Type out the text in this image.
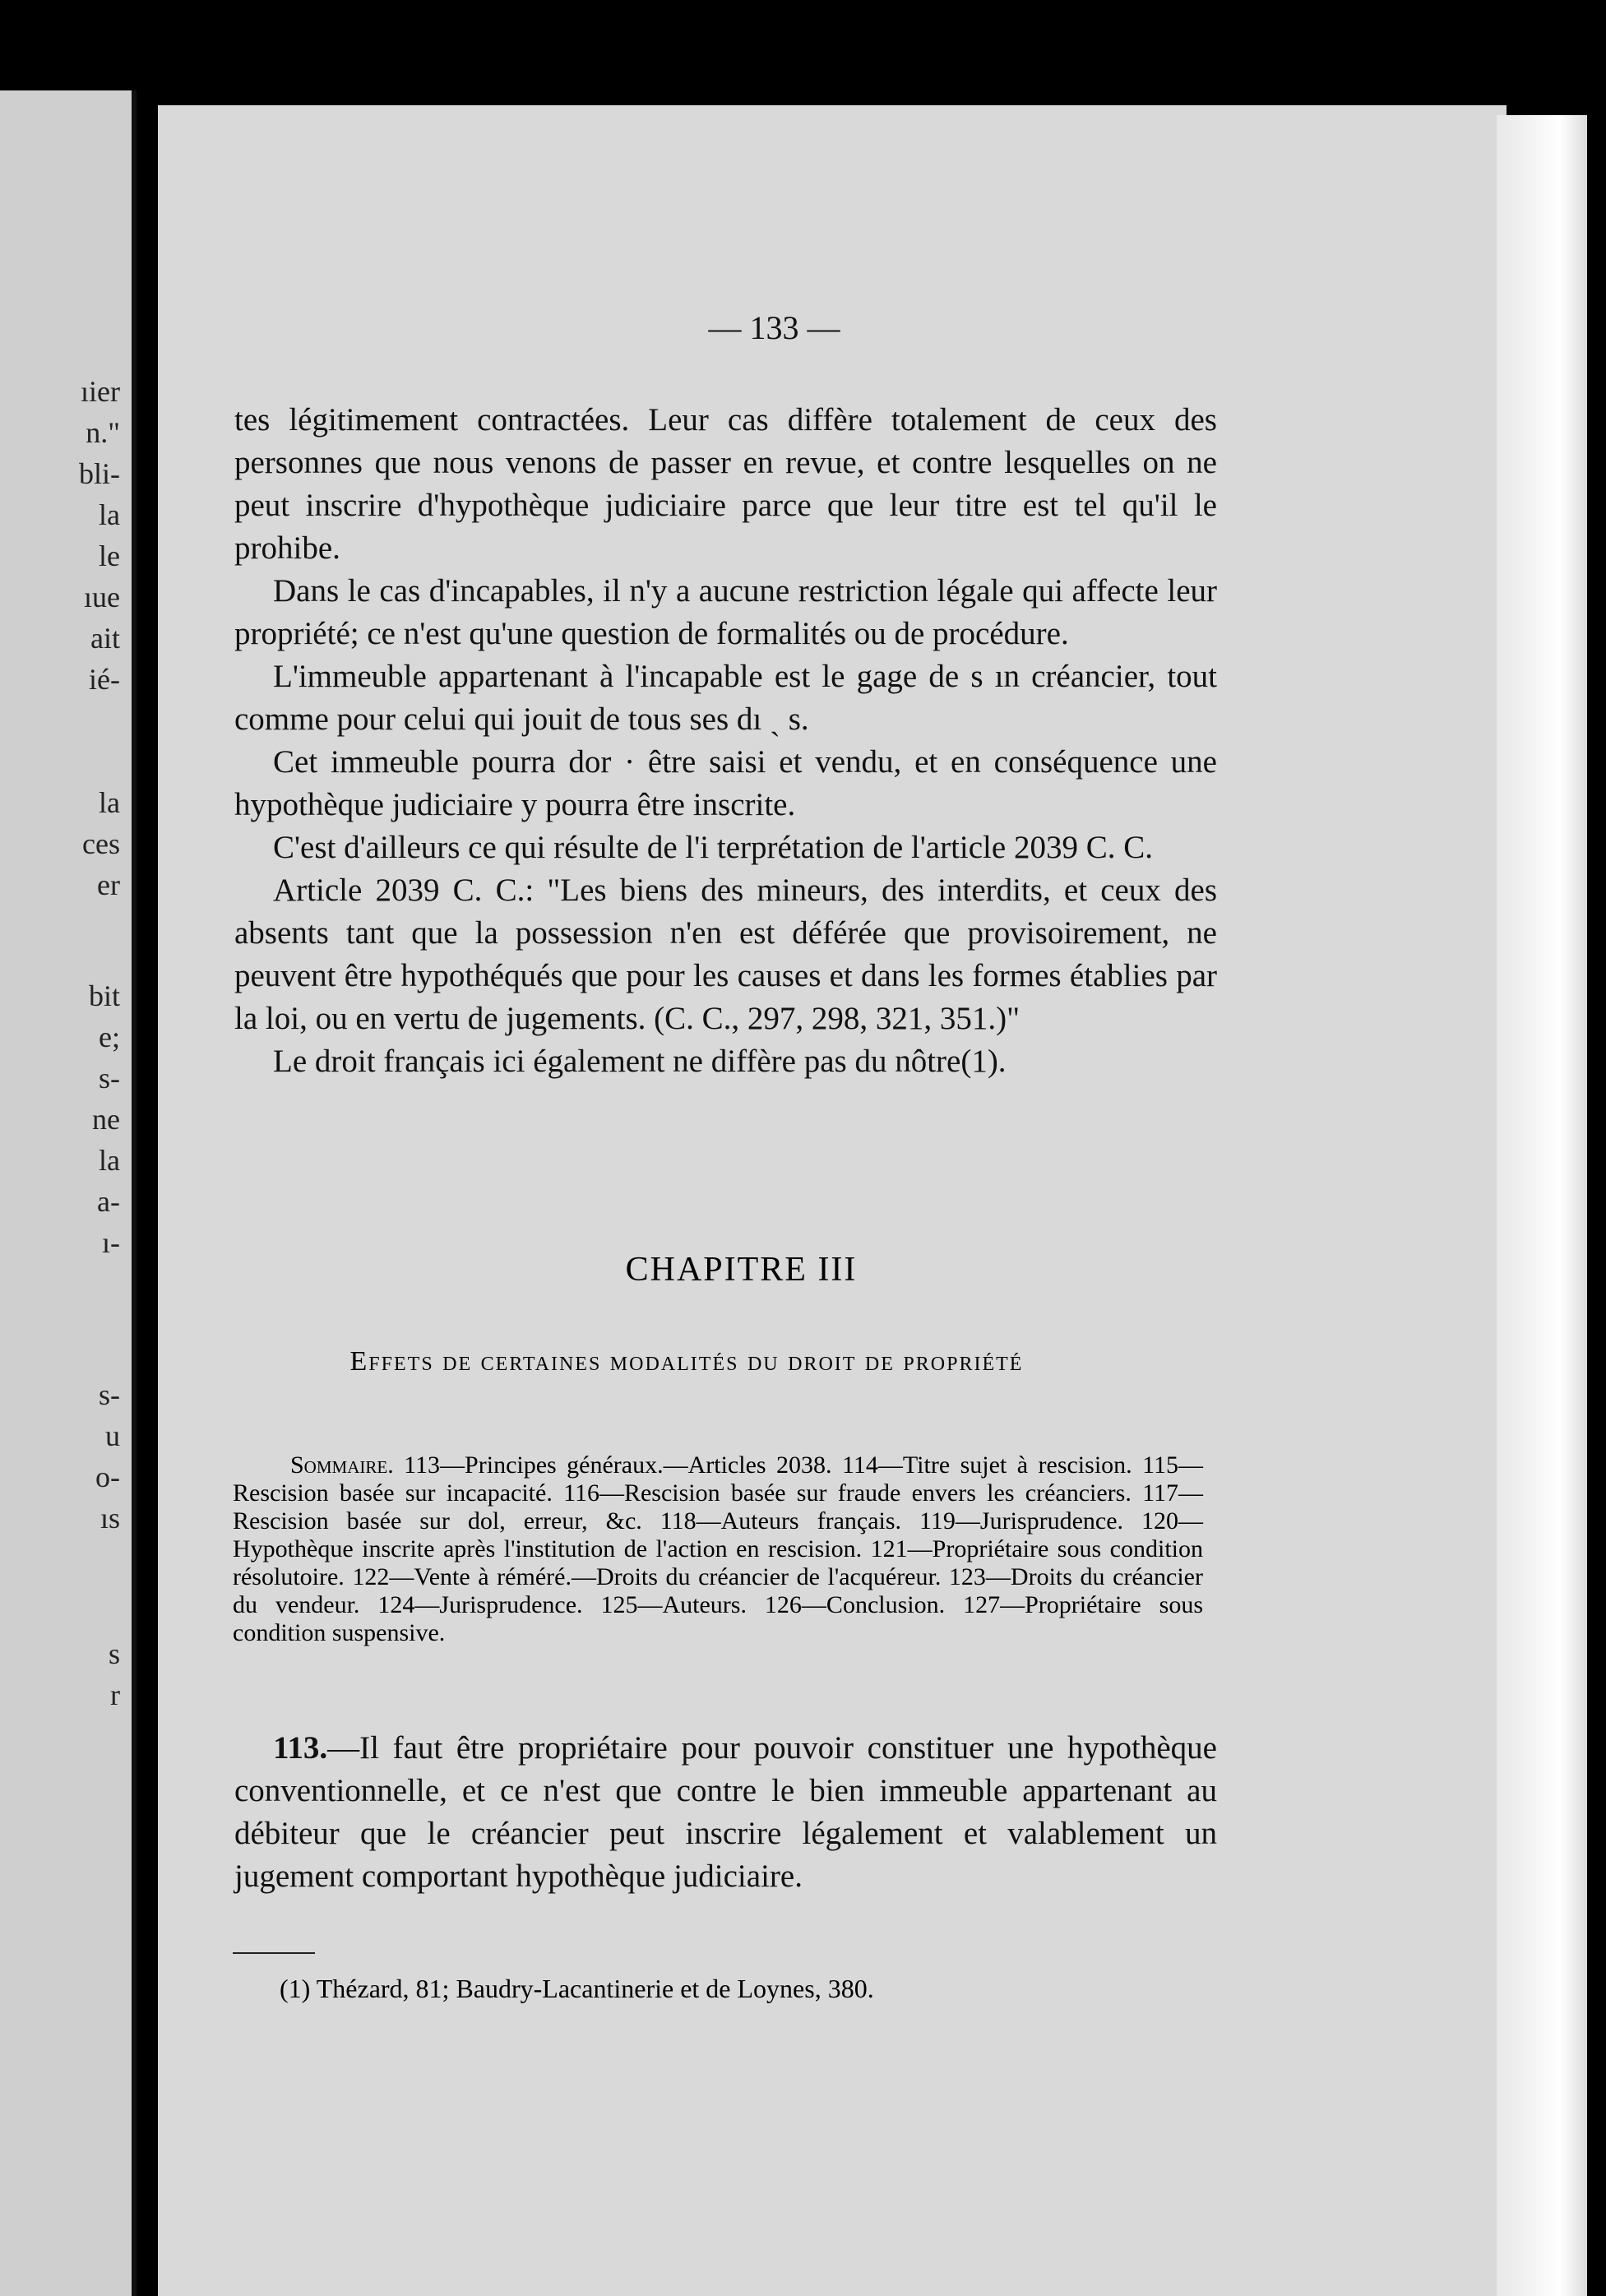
ıier
n."
bli-
la
le
ıue
ait
ié-
la
ces
er
bit
e;
s-
ne
la
a-
ı-
s-
u
o-
ıs
s
r
— 133 —

tes légitimement contractées. Leur cas diffère totalement de ceux des personnes que nous venons de passer en revue, et contre lesquelles on ne peut inscrire d'hypothèque judiciaire parce que leur titre est tel qu'il le prohibe.

Dans le cas d'incapables, il n'y a aucune restriction légale qui affecte leur propriété; ce n'est qu'une question de formalités ou de procédure.

L'immeuble appartenant à l'incapable est le gage de s ın créancier, tout comme pour celui qui jouit de tous ses dı ˏ s.

Cet immeuble pourra dor · être saisi et vendu, et en conséquence une hypothèque judiciaire y pourra être inscrite.

C'est d'ailleurs ce qui résulte de l'i terprétation de l'article 2039 C. C.

Article 2039 C. C.: "Les biens des mineurs, des interdits, et ceux des absents tant que la possession n'en est déférée que provisoirement, ne peuvent être hypothéqués que pour les causes et dans les formes établies par la loi, ou en vertu de jugements. (C. C., 297, 298, 321, 351.)"

Le droit français ici également ne diffère pas du nôtre(1).

CHAPITRE III
Effets de certaines modalités du droit de propriété
Sommaire. 113—Principes généraux.—Articles 2038. 114—Titre sujet à rescision. 115—Rescision basée sur incapacité. 116—Rescision basée sur fraude envers les créanciers. 117—Rescision basée sur dol, erreur, &c. 118—Auteurs français. 119—Jurisprudence. 120—Hypothèque inscrite après l'institution de l'action en rescision. 121—Propriétaire sous condition résolutoire. 122—Vente à réméré.—Droits du créancier de l'acquéreur. 123—Droits du créancier du vendeur. 124—Jurisprudence. 125—Auteurs. 126—Conclusion. 127—Propriétaire sous condition suspensive.

113.—Il faut être propriétaire pour pouvoir constituer une hypothèque conventionnelle, et ce n'est que contre le bien immeuble appartenant au débiteur que le créancier peut inscrire légalement et valablement un jugement comportant hypothèque judiciaire.

(1) Thézard, 81; Baudry-Lacantinerie et de Loynes, 380.
